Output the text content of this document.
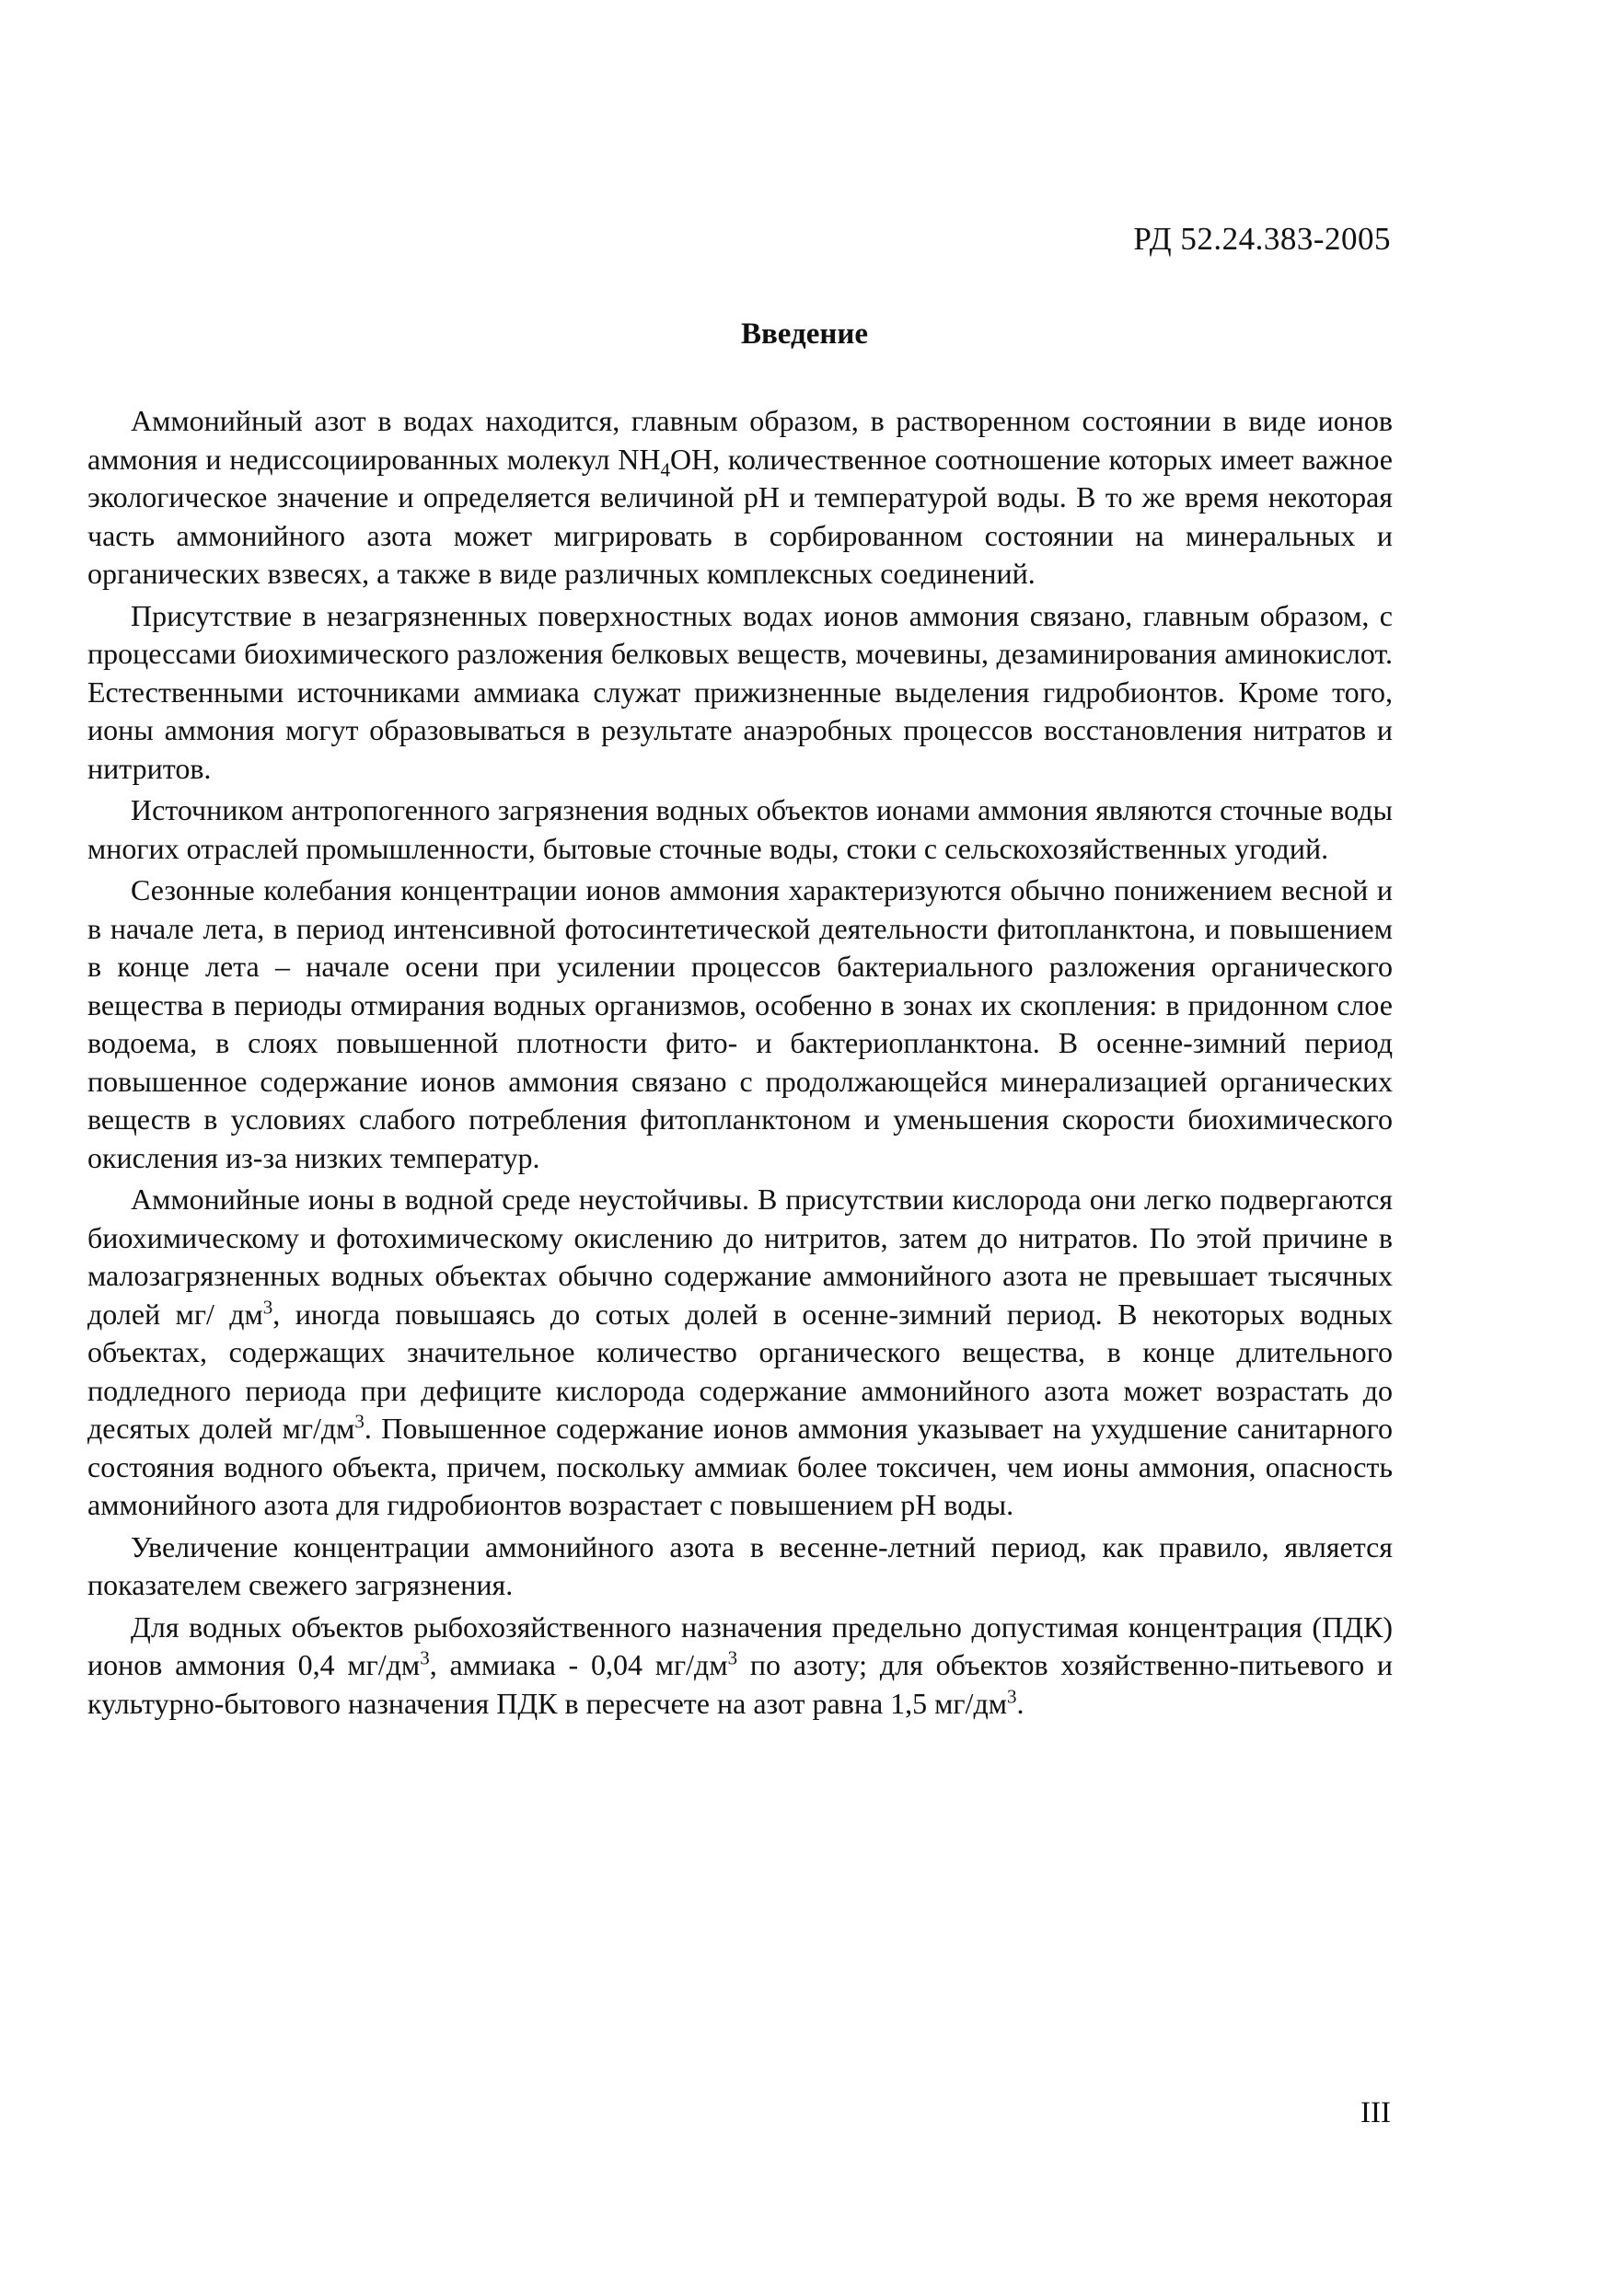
РД 52.24.383-2005
Введение

Аммонийный азот в водах находится, главным образом, в растворенном состоянии в виде ионов аммония и недиссоциированных молекул $NH_4OH$, количественное соотношение которых имеет важное экологическое значение и определяется величиной pH и температурой воды. В то же время некоторая часть аммонийного азота может мигрировать в сорбированном состоянии на минеральных и органических взвесях, а также в виде различных комплексных соединений.

Присутствие в незагрязненных поверхностных водах ионов аммония связано, главным образом, с процессами биохимического разложения белковых веществ, мочевины, дезаминирования аминокислот. Естественными источниками аммиака служат прижизненные выделения гидробионтов. Кроме того, ионы аммония могут образовываться в результате анаэробных процессов восстановления нитратов и нитритов.

Источником антропогенного загрязнения водных объектов ионами аммония являются сточные воды многих отраслей промышленности, бытовые сточные воды, стоки с сельскохозяйственных угодий.

Сезонные колебания концентрации ионов аммония характеризуются обычно понижением весной и в начале лета, в период интенсивной фотосинтетической деятельности фитопланктона, и повышением в конце лета – начале осени при усилении процессов бактериального разложения органического вещества в периоды отмирания водных организмов, особенно в зонах их скопления: в придонном слое водоема, в слоях повышенной плотности фито- и бактериопланктона. В осенне-зимний период повышенное содержание ионов аммония связано с продолжающейся минерализацией органических веществ в условиях слабого потребления фитопланктоном и уменьшения скорости биохимического окисления из-за низких температур.

Аммонийные ионы в водной среде неустойчивы. В присутствии кислорода они легко подвергаются биохимическому и фотохимическому окислению до нитритов, затем до нитратов. По этой причине в малозагрязненных водных объектах обычно содержание аммонийного азота не превышает тысячных долей мг/ $дм^3$, иногда повышаясь до сотых долей в осенне-зимний период. В некоторых водных объектах, содержащих значительное количество органического вещества, в конце длительного подледного периода при дефиците кислорода содержание аммонийного азота может возрастать до десятых долей $мг/дм^3$. Повышенное содержание ионов аммония указывает на ухудшение санитарного состояния водного объекта, причем, поскольку аммиак более токсичен, чем ионы аммония, опасность аммонийного азота для гидробионтов возрастает с повышением pH воды.

Увеличение концентрации аммонийного азота в весенне-летний период, как правило, является показателем свежего загрязнения.

Для водных объектов рыбохозяйственного назначения предельно допустимая концентрация (ПДК) ионов аммония 0,4 $мг/дм^3$, аммиака - 0,04 $мг/дм^3$ по азоту; для объектов хозяйственно-питьевого и культурно-бытового назначения ПДК в пересчете на азот равна 1,5 $мг/дм^3$.

III
